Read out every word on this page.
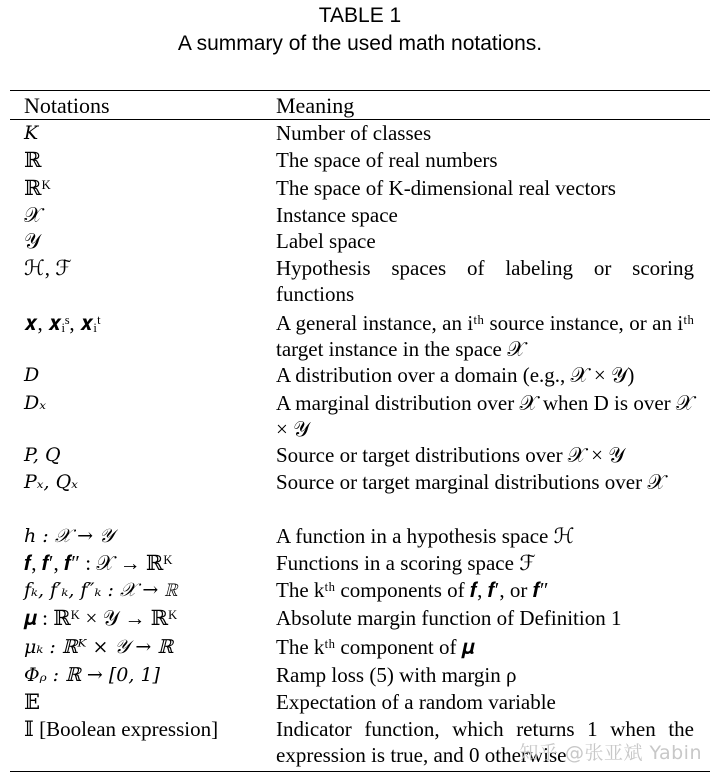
TABLE 1
A summary of the used math notations.
Notations	Meaning
K	Number of classes
ℝ	The space of real numbers
ℝᴷ	The space of K-dimensional real vectors
𝒳	Instance space
𝒴	Label space
ℋ, ℱ	Hypothesis spaces of labeling or scoring functions
𝒙, 𝒙ᵢˢ, 𝒙ᵢᵗ	A general instance, an iᵗʰ source instance, or an iᵗʰ target instance in the space 𝒳
D	A distribution over a domain (e.g., 𝒳 × 𝒴)
Dₓ	A marginal distribution over 𝒳 when D is over 𝒳 × 𝒴
P, Q	Source or target distributions over 𝒳 × 𝒴
Pₓ, Qₓ	Source or target marginal distributions over 𝒳
h : 𝒳 → 𝒴	A function in a hypothesis space ℋ
𝒇, 𝒇′, 𝒇″ : 𝒳 → ℝᴷ	Functions in a scoring space ℱ
fₖ, f′ₖ, f″ₖ : 𝒳 → ℝ	The kᵗʰ components of 𝒇, 𝒇′, or 𝒇″
𝝁 : ℝᴷ × 𝒴 → ℝᴷ	Absolute margin function of Definition 1
μₖ : ℝᴷ × 𝒴 → ℝ	The kᵗʰ component of 𝝁
Φᵨ : ℝ → [0, 1]	Ramp loss (5) with margin ρ
𝔼	Expectation of a random variable
𝕀 [Boolean expression]	Indicator function, which returns 1 when the expression is true, and 0 otherwise
知乎 @张亚斌 Yabin
